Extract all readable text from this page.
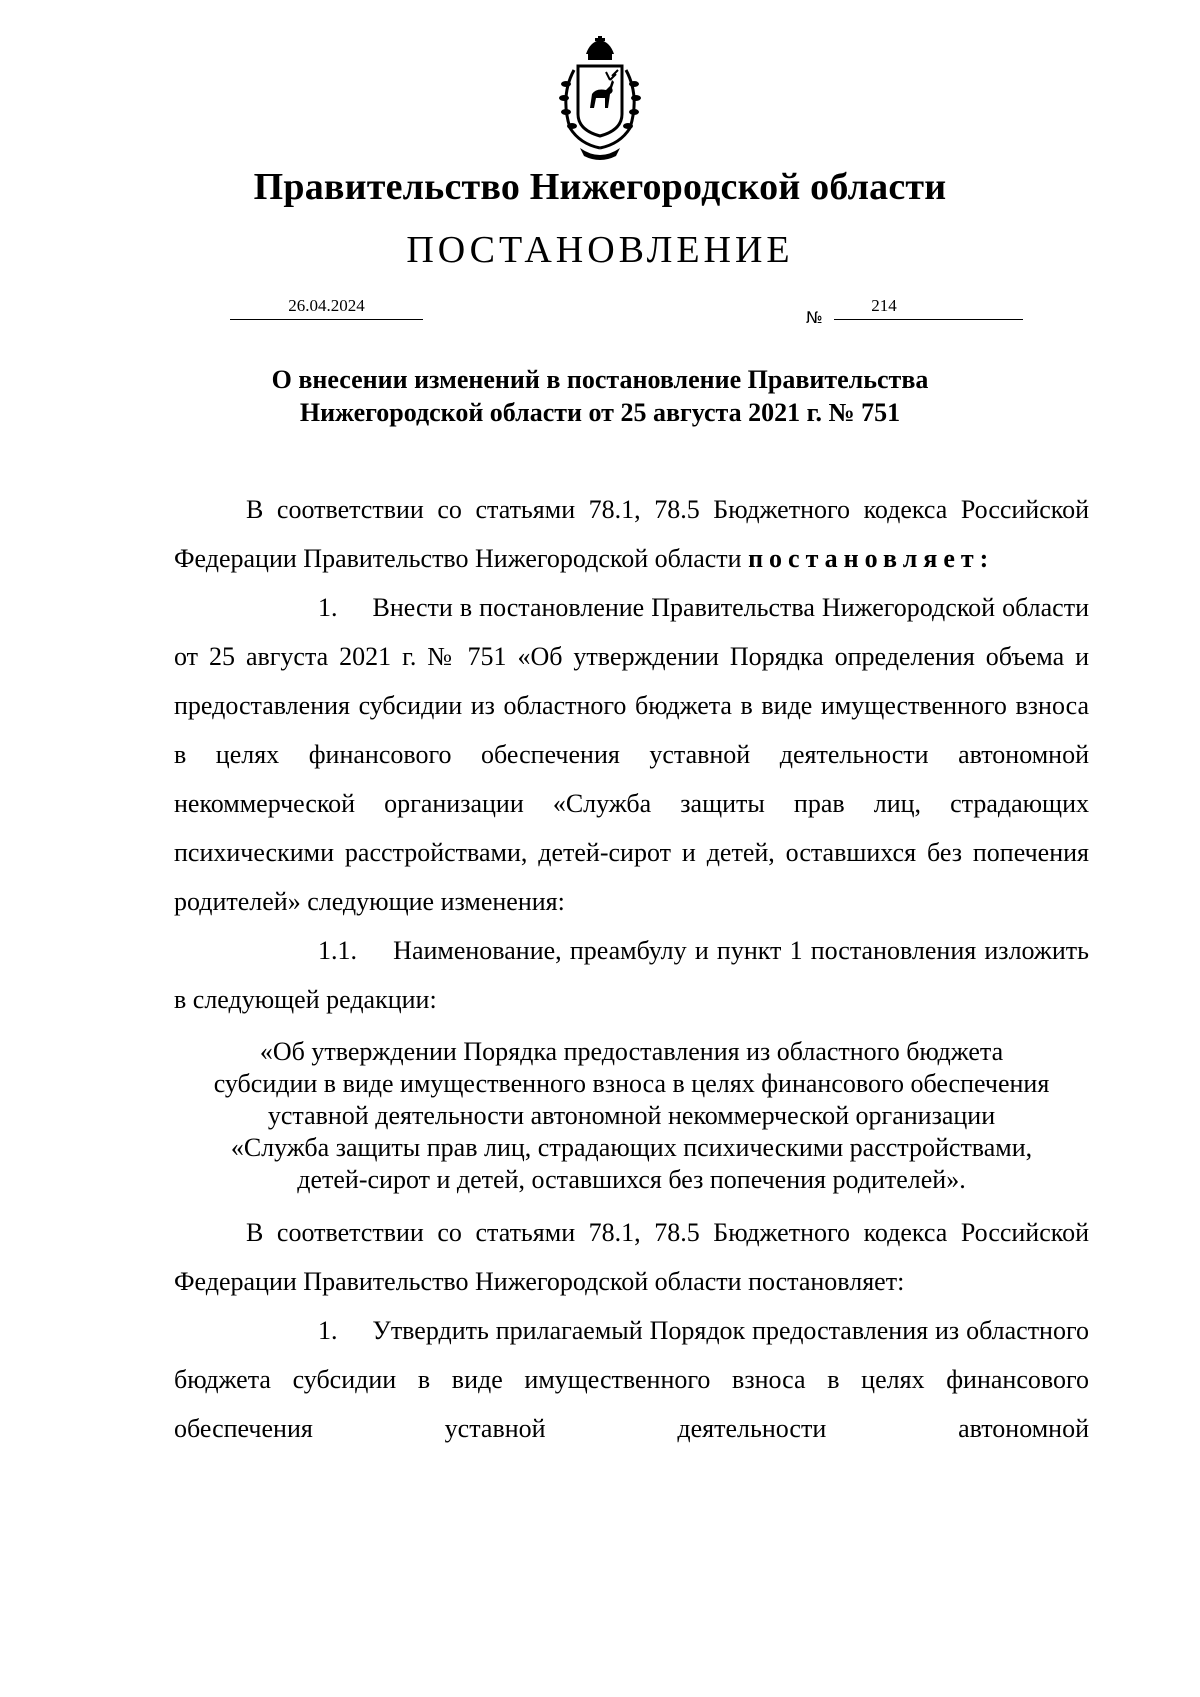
Правительство Нижегородской области
ПОСТАНОВЛЕНИЕ
26.04.2024
№
214
О внесении изменений в постановление Правительства
Нижегородской области от 25 августа 2021 г. № 751

В соответствии со статьями 78.1, 78.5 Бюджетного кодекса Российской Федерации Правительство Нижегородской области постановляет:

1. Внести в постановление Правительства Нижегородской области от 25 августа 2021 г. № 751 «Об утверждении Порядка определения объема и предоставления субсидии из областного бюджета в виде имущественного взноса в целях финансового обеспечения уставной деятельности автономной некоммерческой организации «Служба защиты прав лиц, страдающих психическими расстройствами, детей-сирот и детей, оставшихся без попечения родителей» следующие изменения:

1.1. Наименование, преамбулу и пункт 1 постановления изложить в следующей редакции:

«Об утверждении Порядка предоставления из областного бюджета
субсидии в виде имущественного взноса в целях финансового обеспечения
уставной деятельности автономной некоммерческой организации
«Служба защиты прав лиц, страдающих психическими расстройствами,
детей-сирот и детей, оставшихся без попечения родителей».

В соответствии со статьями 78.1, 78.5 Бюджетного кодекса Российской Федерации Правительство Нижегородской области постановляет:

1. Утвердить прилагаемый Порядок предоставления из областного бюджета субсидии в виде имущественного взноса в целях финансового обеспечения уставной деятельности автономной
